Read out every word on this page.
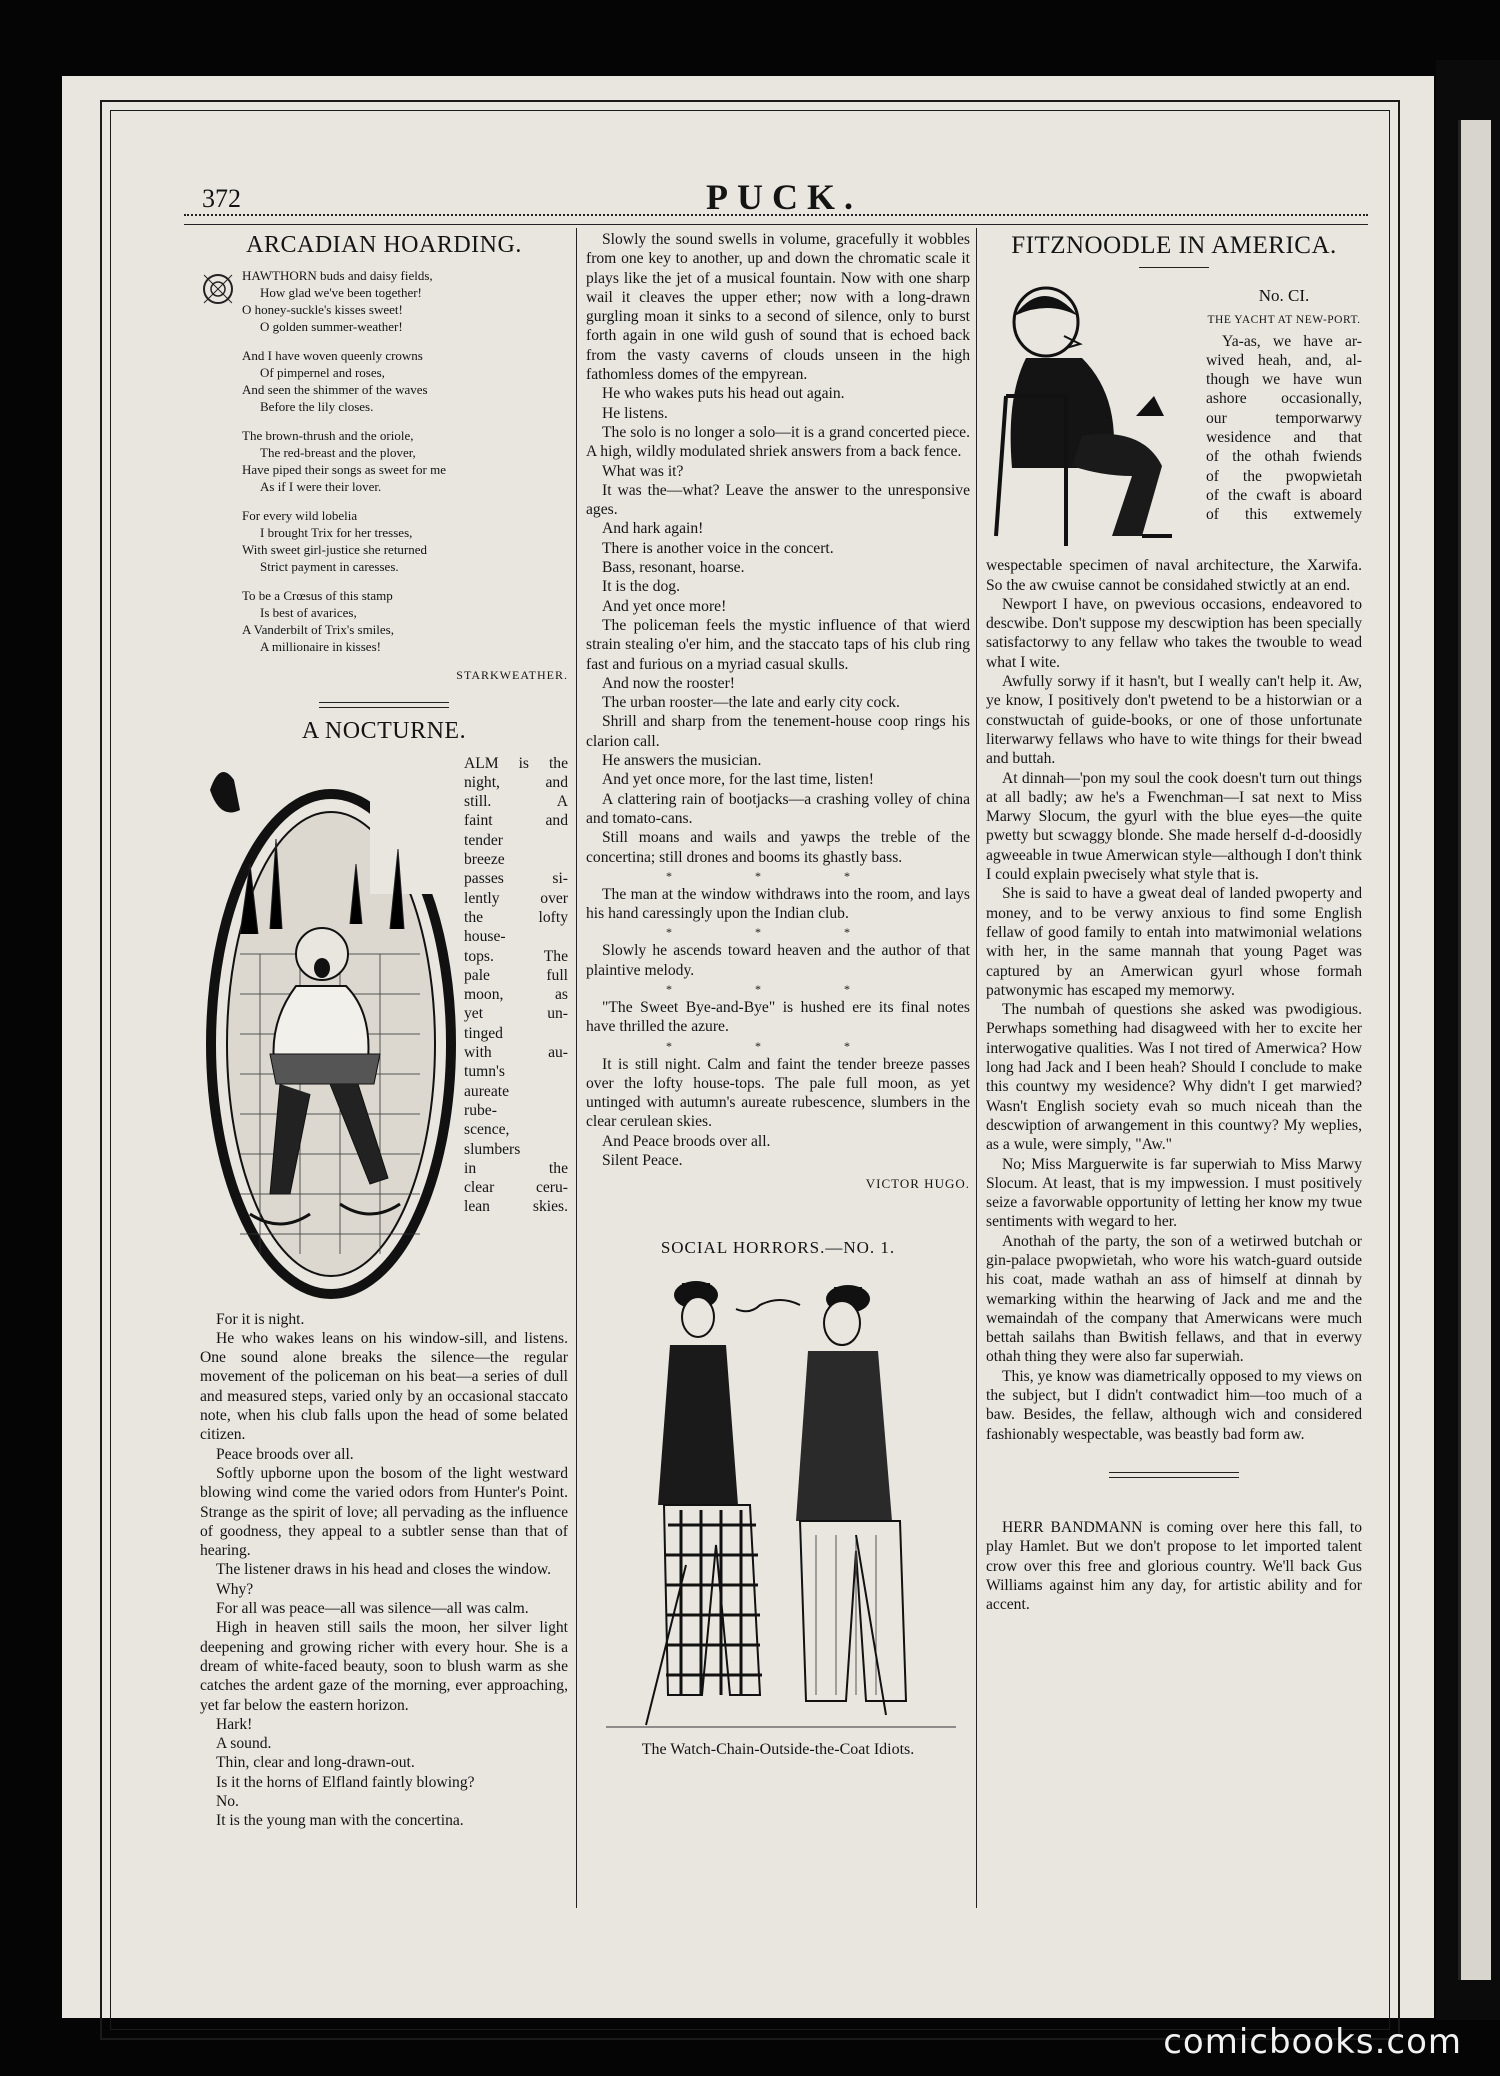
372	PUCK.
ARCADIAN HOARDING.
HAWTHORN buds and daisy fields,
How glad we've been together!
O honey-suckle's kisses sweet!
O golden summer-weather!
And I have woven queenly crowns
Of pimpernel and roses,
And seen the shimmer of the waves
Before the lily closes.
The brown-thrush and the oriole,
The red-breast and the plover,
Have piped their songs as sweet for me
As if I were their lover.
For every wild lobelia
I brought Trix for her tresses,
With sweet girl-justice she returned
Strict payment in caresses.
To be a Crœsus of this stamp
Is best of avarices,
A Vanderbilt of Trix's smiles,
A millionaire in kisses!
STARKWEATHER.
A NOCTURNE.
ALM is the
night, and
still. A
faint and
tender
breeze
passes si-
lently over
the lofty
house-
tops. The
pale full
moon, as
yet un-
tinged
with au-
tumn's
aureate
rube-
scence,
slumbers
in the
clear ceru-
lean skies.

For it is night.

He who wakes leans on his window-sill, and listens. One sound alone breaks the silence—the regular movement of the policeman on his beat—a series of dull and measured steps, varied only by an occasional staccato note, when his club falls upon the head of some belated citizen.

Peace broods over all.

Softly upborne upon the bosom of the light westward blowing wind come the varied odors from Hunter's Point. Strange as the spirit of love; all pervading as the influence of goodness, they appeal to a subtler sense than that of hearing.

The listener draws in his head and closes the window.

Why?

For all was peace—all was silence—all was calm.

High in heaven still sails the moon, her silver light deepening and growing richer with every hour. She is a dream of white-faced beauty, soon to blush warm as she catches the ardent gaze of the morning, ever approaching, yet far below the eastern horizon.

Hark!

A sound.

Thin, clear and long-drawn-out.

Is it the horns of Elfland faintly blowing?

No.

It is the young man with the concertina.

Slowly the sound swells in volume, gracefully it wobbles from one key to another, up and down the chromatic scale it plays like the jet of a musical fountain. Now with one sharp wail it cleaves the upper ether; now with a long-drawn gurgling moan it sinks to a second of silence, only to burst forth again in one wild gush of sound that is echoed back from the vasty caverns of clouds unseen in the high fathomless domes of the empyrean.

He who wakes puts his head out again.

He listens.

The solo is no longer a solo—it is a grand concerted piece. A high, wildly modulated shriek answers from a back fence.

What was it?

It was the—what? Leave the answer to the unresponsive ages.

And hark again!

There is another voice in the concert.

Bass, resonant, hoarse.

It is the dog.

And yet once more!

The policeman feels the mystic influence of that wierd strain stealing o'er him, and the staccato taps of his club ring fast and furious on a myriad casual skulls.

And now the rooster!

The urban rooster—the late and early city cock.

Shrill and sharp from the tenement-house coop rings his clarion call.

He answers the musician.

And yet once more, for the last time, listen!

A clattering rain of bootjacks—a crashing volley of china and tomato-cans.

Still moans and wails and yawps the treble of the concertina; still drones and booms its ghastly bass.

* * *

The man at the window withdraws into the room, and lays his hand caressingly upon the Indian club.

* * *

Slowly he ascends toward heaven and the author of that plaintive melody.

* * *

"The Sweet Bye-and-Bye" is hushed ere its final notes have thrilled the azure.

* * *

It is still night. Calm and faint the tender breeze passes over the lofty house-tops. The pale full moon, as yet untinged with autumn's aureate rubescence, slumbers in the clear cerulean skies.

And Peace broods over all.

Silent Peace.

VICTOR HUGO.
SOCIAL HORRORS.—NO. 1.
The Watch-Chain-Outside-the-Coat Idiots.
FITZNOODLE IN AMERICA.
No. CI.
THE YACHT AT NEW-PORT.
Ya-as, we have ar-
wived heah, and, al-
though we have wun
ashore occasionally,
our temporwarwy
wesidence and that
of the othah fwiends
of the pwopwietah
of the cwaft is aboard
of this extwemely

wespectable specimen of naval architecture, the Xarwifa. So the aw cwuise cannot be considahed stwictly at an end.

Newport I have, on pwevious occasions, endeavored to descwibe. Don't suppose my descwiption has been specially satisfactorwy to any fellaw who takes the twouble to wead what I wite.

Awfully sorwy if it hasn't, but I weally can't help it. Aw, ye know, I positively don't pwetend to be a historwian or a constwuctah of guide-books, or one of those unfortunate literwarwy fellaws who have to wite things for their bwead and buttah.

At dinnah—'pon my soul the cook doesn't turn out things at all badly; aw he's a Fwenchman—I sat next to Miss Marwy Slocum, the gyurl with the blue eyes—the quite pwetty but scwaggy blonde. She made herself d-d-doosidly agweeable in twue Amerwican style—although I don't think I could explain pwecisely what style that is.

She is said to have a gweat deal of landed pwoperty and money, and to be verwy anxious to find some English fellaw of good family to entah into matwimonial welations with her, in the same mannah that young Paget was captured by an Amerwican gyurl whose formah patwonymic has escaped my memorwy.

The numbah of questions she asked was pwodigious. Perwhaps something had disagweed with her to excite her interwogative qualities. Was I not tired of Amerwica? How long had Jack and I been heah? Should I conclude to make this countwy my wesidence? Why didn't I get marwied? Wasn't English society evah so much niceah than the descwiption of arwangement in this countwy? My weplies, as a wule, were simply, "Aw."

No; Miss Marguerwite is far superwiah to Miss Marwy Slocum. At least, that is my impwession. I must positively seize a favorwable opportunity of letting her know my twue sentiments with wegard to her.

Anothah of the party, the son of a wetirwed butchah or gin-palace pwopwietah, who wore his watch-guard outside his coat, made wathah an ass of himself at dinnah by wemarking within the hearwing of Jack and me and the wemaindah of the company that Amerwicans were much bettah sailahs than Bwitish fellaws, and that in everwy othah thing they were also far superwiah.

This, ye know was diametrically opposed to my views on the subject, but I didn't contwadict him—too much of a baw. Besides, the fellaw, although wich and considered fashionably wespectable, was beastly bad form aw.

HERR BANDMANN is coming over here this fall, to play Hamlet. But we don't propose to let imported talent crow over this free and glorious country. We'll back Gus Williams against him any day, for artistic ability and for accent.

comicbooks.com
